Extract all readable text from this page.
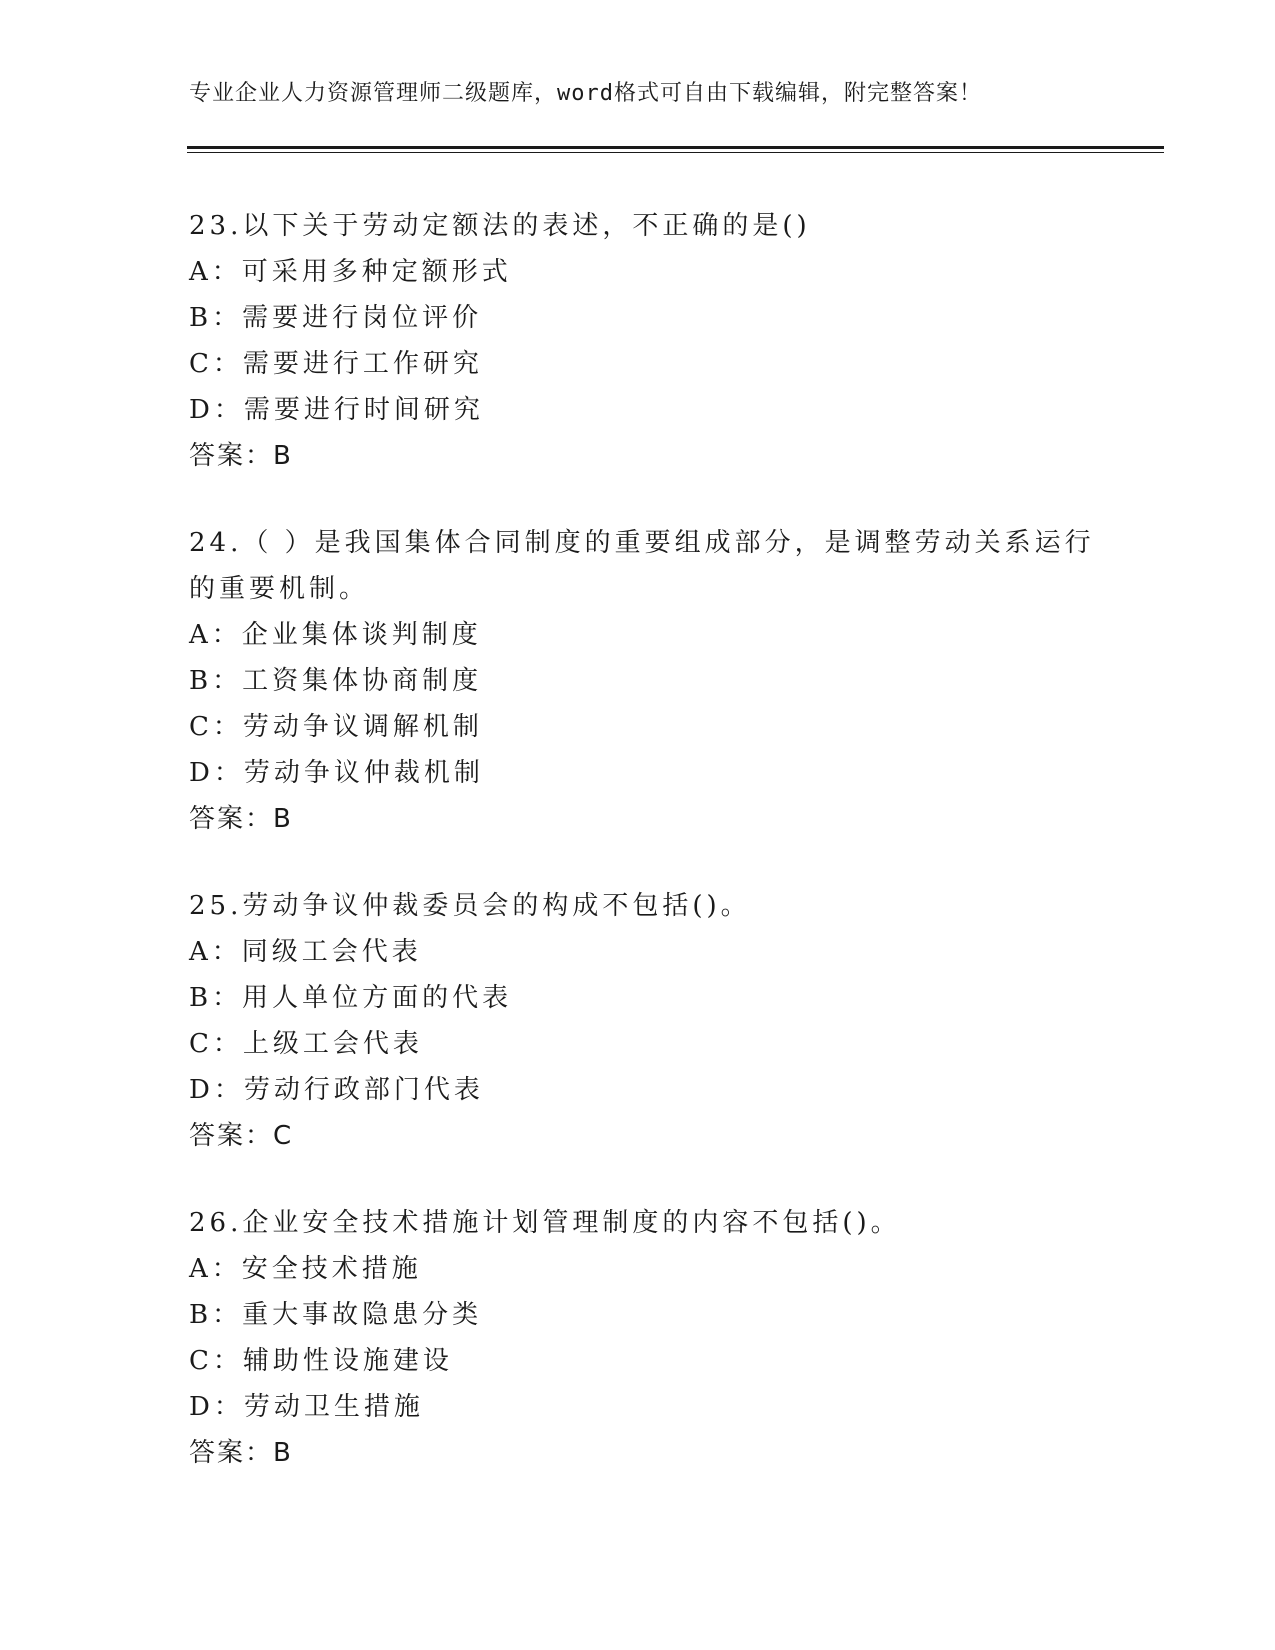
专业企业人力资源管理师二级题库，word格式可自由下载编辑，附完整答案！
23.以下关于劳动定额法的表述，不正确的是()
A：可采用多种定额形式
B：需要进行岗位评价
C：需要进行工作研究
D：需要进行时间研究
答案：B
24.（ ）是我国集体合同制度的重要组成部分，是调整劳动关系运行
的重要机制。
A：企业集体谈判制度
B：工资集体协商制度
C：劳动争议调解机制
D：劳动争议仲裁机制
答案：B
25.劳动争议仲裁委员会的构成不包括()。
A：同级工会代表
B：用人单位方面的代表
C：上级工会代表
D：劳动行政部门代表
答案：C
26.企业安全技术措施计划管理制度的内容不包括()。
A：安全技术措施
B：重大事故隐患分类
C：辅助性设施建设
D：劳动卫生措施
答案：B
